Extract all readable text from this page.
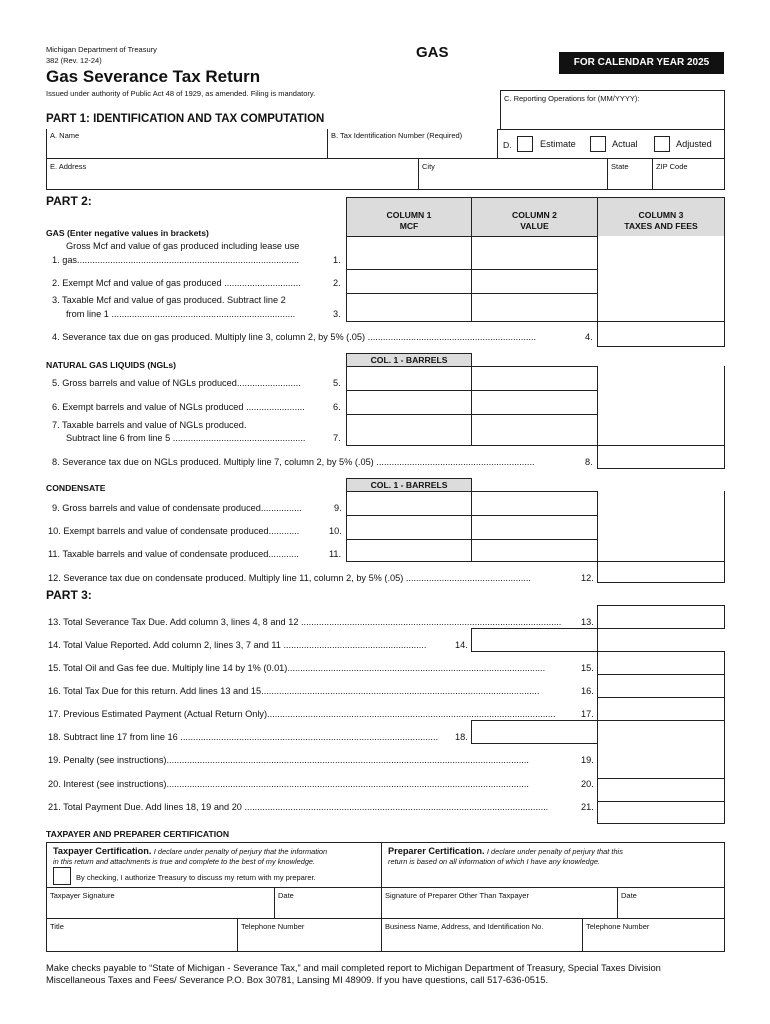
Michigan Department of Treasury
382 (Rev. 12-24)
Gas Severance Tax Return
Issued under authority of Public Act 48 of 1929, as amended. Filing is mandatory.
GAS
FOR CALENDAR YEAR 2025
C. Reporting Operations for (MM/YYYY):
PART 1: IDENTIFICATION AND TAX COMPUTATION
A. Name	B. Tax Identification Number (Required)
D.	Estimate	Actual	Adjusted
E. Address	City	State	ZIP Code
PART 2:
COLUMN 1
MCF
COLUMN 2
VALUE
COLUMN 3
TAXES AND FEES
GAS (Enter negative values in brackets)
Gross Mcf and value of gas produced including lease use
1. gas.......................................................................................	1.
2. Exempt Mcf and value of gas produced ..............................	2.
3. Taxable Mcf and value of gas produced. Subtract line 2
from line 1 ........................................................................	3.
4. Severance tax due on gas produced. Multiply line 3, column 2, by 5% (.05) ..................................................................	4.
NATURAL GAS LIQUIDS (NGLs)	COL. 1 - BARRELS
5. Gross barrels and value of NGLs produced.........................	5.
6. Exempt barrels and value of NGLs produced .......................	6.
7. Taxable barrels and value of NGLs produced.
Subtract line 6 from line 5 ....................................................	7.
8. Severance tax due on NGLs produced. Multiply line 7, column 2, by 5% (.05) ..............................................................	8.
CONDENSATE	COL. 1 - BARRELS
9. Gross barrels and value of condensate produced................	9.
10. Exempt barrels and value of condensate produced............	10.
11. Taxable barrels and value of condensate produced............	11.
12. Severance tax due on condensate produced. Multiply line 11, column 2, by 5% (.05) .................................................	12.
PART 3:
13. Total Severance Tax Due. Add column 3, lines 4, 8 and 12 ......................................................................................................	13.
14. Total Value Reported. Add column 2, lines 3, 7 and 11 ........................................................	14.
15. Total Oil and Gas fee due. Multiply line 14 by 1% (0.01).....................................................................................................	15.
16. Total Tax Due for this return. Add lines 13 and 15.............................................................................................................	16.
17. Previous Estimated Payment (Actual Return Only).................................................................................................................	17.
18. Subtract line 17 from line 16 .....................................................................................................	18.
19. Penalty (see instructions)..............................................................................................................................................	19.
20. Interest (see instructions)..............................................................................................................................................	20.
21. Total Payment Due. Add lines 18, 19 and 20 .......................................................................................................................	21.
TAXPAYER AND PREPARER CERTIFICATION
Taxpayer Certification. I declare under penalty of perjury that the information
in this return and attachments is true and complete to the best of my knowledge.
By checking, I authorize Treasury to discuss my return with my preparer.
Preparer Certification. I declare under penalty of perjury that this
return is based on all information of which I have any knowledge.
Taxpayer Signature	Date	Signature of Preparer Other Than Taxpayer	Date
Title	Telephone Number	Business Name, Address, and Identification No.	Telephone Number
Make checks payable to “State of Michigan - Severance Tax,” and mail completed report to Michigan Department of Treasury, Special Taxes Division
Miscellaneous Taxes and Fees/ Severance P.O. Box 30781, Lansing MI 48909. If you have questions, call 517-636-0515.
